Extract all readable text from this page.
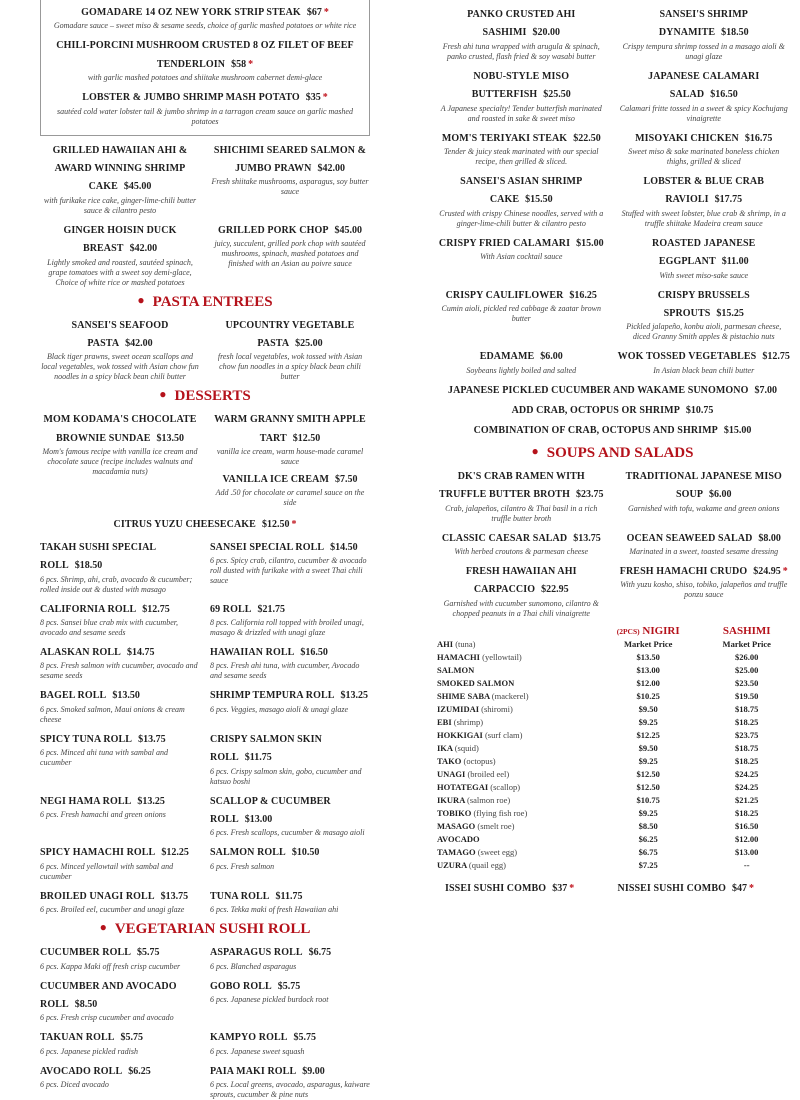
GOMADARE 14 OZ NEW YORK STRIP STEAK $67 *
Gomadare sauce – sweet miso & sesame seeds, choice of garlic mashed potatoes or white rice
CHILI-PORCINI MUSHROOM CRUSTED 8 OZ FILET OF BEEF TENDERLOIN $58 *
with garlic mashed potatoes and shiitake mushroom cabernet demi-glace
LOBSTER & JUMBO SHRIMP MASH POTATO $35 *
sautéed cold water lobster tail & jumbo shrimp in a tarragon cream sauce on garlic mashed potatoes
GRILLED HAWAIIAN AHI & AWARD WINNING SHRIMP CAKE $45.00
with furikake rice cake, ginger-lime-chili butter sauce & cilantro pesto
SHICHIMI SEARED SALMON & JUMBO PRAWN $42.00
Fresh shiitake mushrooms, asparagus, soy butter sauce
GINGER HOISIN DUCK BREAST $42.00
Lightly smoked and roasted, sautéed spinach, grape tomatoes with a sweet soy demi-glace, Choice of white rice or mashed potatoes
GRILLED PORK CHOP $45.00
juicy, succulent, grilled pork chop with sautéed mushrooms, spinach, mashed potatoes and finished with an Asian au poivre sauce
● PASTA ENTREES
SANSEI'S SEAFOOD PASTA $42.00
Black tiger prawns, sweet ocean scallops and local vegetables, wok tossed with Asian chow fun noodles in a spicy black bean chili butter
UPCOUNTRY VEGETABLE PASTA $25.00
fresh local vegetables, wok tossed with Asian chow fun noodles in a spicy black bean chili butter
● DESSERTS
MOM KODAMA'S CHOCOLATE BROWNIE SUNDAE $13.50
Mom's famous recipe with vanilla ice cream and chocolate sauce (recipe includes walnuts and macadamia nuts)
WARM GRANNY SMITH APPLE TART $12.50
vanilla ice cream, warm house-made caramel sauce
VANILLA ICE CREAM $7.50
Add .50 for chocolate or caramel sauce on the side
CITRUS YUZU CHEESECAKE $12.50 *
TAKAH SUSHI SPECIAL ROLL $18.50
6 pcs. Shrimp, ahi, crab, avocado & cucumber; rolled inside out & dusted with masago
SANSEI SPECIAL ROLL $14.50
6 pcs. Spicy crab, cilantro, cucumber & avocado roll dusted with furikake with a sweet Thai chili sauce
CALIFORNIA ROLL $12.75
8 pcs. Sansei blue crab mix with cucumber, avocado and sesame seeds
69 ROLL $21.75
8 pcs. California roll topped with broiled unagi, masago & drizzled with unagi glaze
ALASKAN ROLL $14.75
8 pcs. Fresh salmon with cucumber, avocado and sesame seeds
HAWAIIAN ROLL $16.50
8 pcs. Fresh ahi tuna, with cucumber, Avocado and sesame seeds
BAGEL ROLL $13.50
6 pcs. Smoked salmon, Maui onions & cream cheese
SHRIMP TEMPURA ROLL $13.25
6 pcs. Veggies, masago aioli & unagi glaze
SPICY TUNA ROLL $13.75
6 pcs. Minced ahi tuna with sambal and cucumber
CRISPY SALMON SKIN ROLL $11.75
6 pcs. Crispy salmon skin, gobo, cucumber and katsuo boshi
NEGI HAMA ROLL $13.25
6 pcs. Fresh hamachi and green onions
SCALLOP & CUCUMBER ROLL $13.00
6 pcs. Fresh scallops, cucumber & masago aioli
SPICY HAMACHI ROLL $12.25
6 pcs. Minced yellowtail with sambal and cucumber
SALMON ROLL $10.50
6 pcs. Fresh salmon
BROILED UNAGI ROLL $13.75
6 pcs. Broiled eel, cucumber and unagi glaze
TUNA ROLL $11.75
6 pcs. Tekka maki of fresh Hawaiian ahi
● VEGETARIAN SUSHI ROLL
CUCUMBER ROLL $5.75
6 pcs. Kappa Maki off fresh crisp cucumber
ASPARAGUS ROLL $6.75
6 pcs. Blanched asparagus
CUCUMBER AND AVOCADO ROLL $8.50
6 pcs. Fresh crisp cucumber and avocado
GOBO ROLL $5.75
6 pcs. Japanese pickled burdock root
TAKUAN ROLL $5.75
6 pcs. Japanese pickled radish
KAMPYO ROLL $5.75
6 pcs. Japanese sweet squash
AVOCADO ROLL $6.25
6 pcs. Diced avocado
PAIA MAKI ROLL $9.00
6 pcs. Local greens, avocado, asparagus, kaiware sprouts, cucumber & pine nuts
PANKO CRUSTED AHI SASHIMI $20.00
Fresh ahi tuna wrapped with arugula & spinach, panko crusted, flash fried & soy wasabi butter
SANSEI'S SHRIMP DYNAMITE $18.50
Crispy tempura shrimp tossed in a masago aioli & unagi glaze
NOBU-STYLE MISO BUTTERFISH $25.50
A Japanese specialty! Tender butterfish marinated and roasted in sake & sweet miso
JAPANESE CALAMARI SALAD $16.50
Calamari fritte tossed in a sweet & spicy Kochujang vinaigrette
MOM'S TERIYAKI STEAK $22.50
Tender & juicy steak marinated with our special recipe, then grilled & sliced.
MISOYAKI CHICKEN $16.75
Sweet miso & sake marinated boneless chicken thighs, grilled & sliced
SANSEI'S ASIAN SHRIMP CAKE $15.50
Crusted with crispy Chinese noodles, served with a ginger-lime-chili butter & cilantro pesto
LOBSTER & BLUE CRAB RAVIOLI $17.75
Stuffed with sweet lobster, blue crab & shrimp, in a truffle shiitake Madeira cream sauce
CRISPY FRIED CALAMARI $15.00
With Asian cocktail sauce
ROASTED JAPANESE EGGPLANT $11.00
With sweet miso-sake sauce
CRISPY CAULIFLOWER $16.25
Cumin aioli, pickled red cabbage & zaatar brown butter
CRISPY BRUSSELS SPROUTS $15.25
Pickled jalapeño, konbu aioli, parmesan cheese, diced Granny Smith apples & pistachio nuts
EDAMAME $6.00
Soybeans lightly boiled and salted
WOK TOSSED VEGETABLES $12.75
In Asian black bean chili butter
JAPANESE PICKLED CUCUMBER AND WAKAME SUNOMONO $7.00
ADD CRAB, OCTOPUS OR SHRIMP $10.75
COMBINATION OF CRAB, OCTOPUS AND SHRIMP $15.00
● SOUPS AND SALADS
DK'S CRAB RAMEN WITH TRUFFLE BUTTER BROTH $23.75
Crab, jalapeños, cilantro & Thai basil in a rich truffle butter broth
TRADITIONAL JAPANESE MISO SOUP $6.00
Garnished with tofu, wakame and green onions
CLASSIC CAESAR SALAD $13.75
With herbed croutons & parmesan cheese
OCEAN SEAWEED SALAD $8.00
Marinated in a sweet, toasted sesame dressing
FRESH HAWAIIAN AHI CARPACCIO $22.95
Garnished with cucumber sunomono, cilantro & chopped peanuts in a Thai chili vinaigrette
FRESH HAMACHI CRUDO $24.95 *
With yuzu kosho, shiso, tobiko, jalapeños and truffle ponzu sauce
	(2PCS) NIGIRI	SASHIMI
AHI (tuna)	Market Price	Market Price
HAMACHI (yellowtail)	$13.50	$26.00
SALMON	$13.00	$25.00
SMOKED SALMON	$12.00	$23.50
SHIME SABA (mackerel)	$10.25	$19.50
IZUMIDAI (shiromi)	$9.50	$18.75
EBI (shrimp)	$9.25	$18.25
HOKKIGAI (surf clam)	$12.25	$23.75
IKA (squid)	$9.50	$18.75
TAKO (octopus)	$9.25	$18.25
UNAGI (broiled eel)	$12.50	$24.25
HOTATEGAI (scallop)	$12.50	$24.25
IKURA (salmon roe)	$10.75	$21.25
TOBIKO (flying fish roe)	$9.25	$18.25
MASAGO (smelt roe)	$8.50	$16.50
AVOCADO	$6.25	$12.00
TAMAGO (sweet egg)	$6.75	$13.00
UZURA (quail egg)	$7.25	--
ISSEI SUSHI COMBO $37 *	NISSEI SUSHI COMBO $47 *
